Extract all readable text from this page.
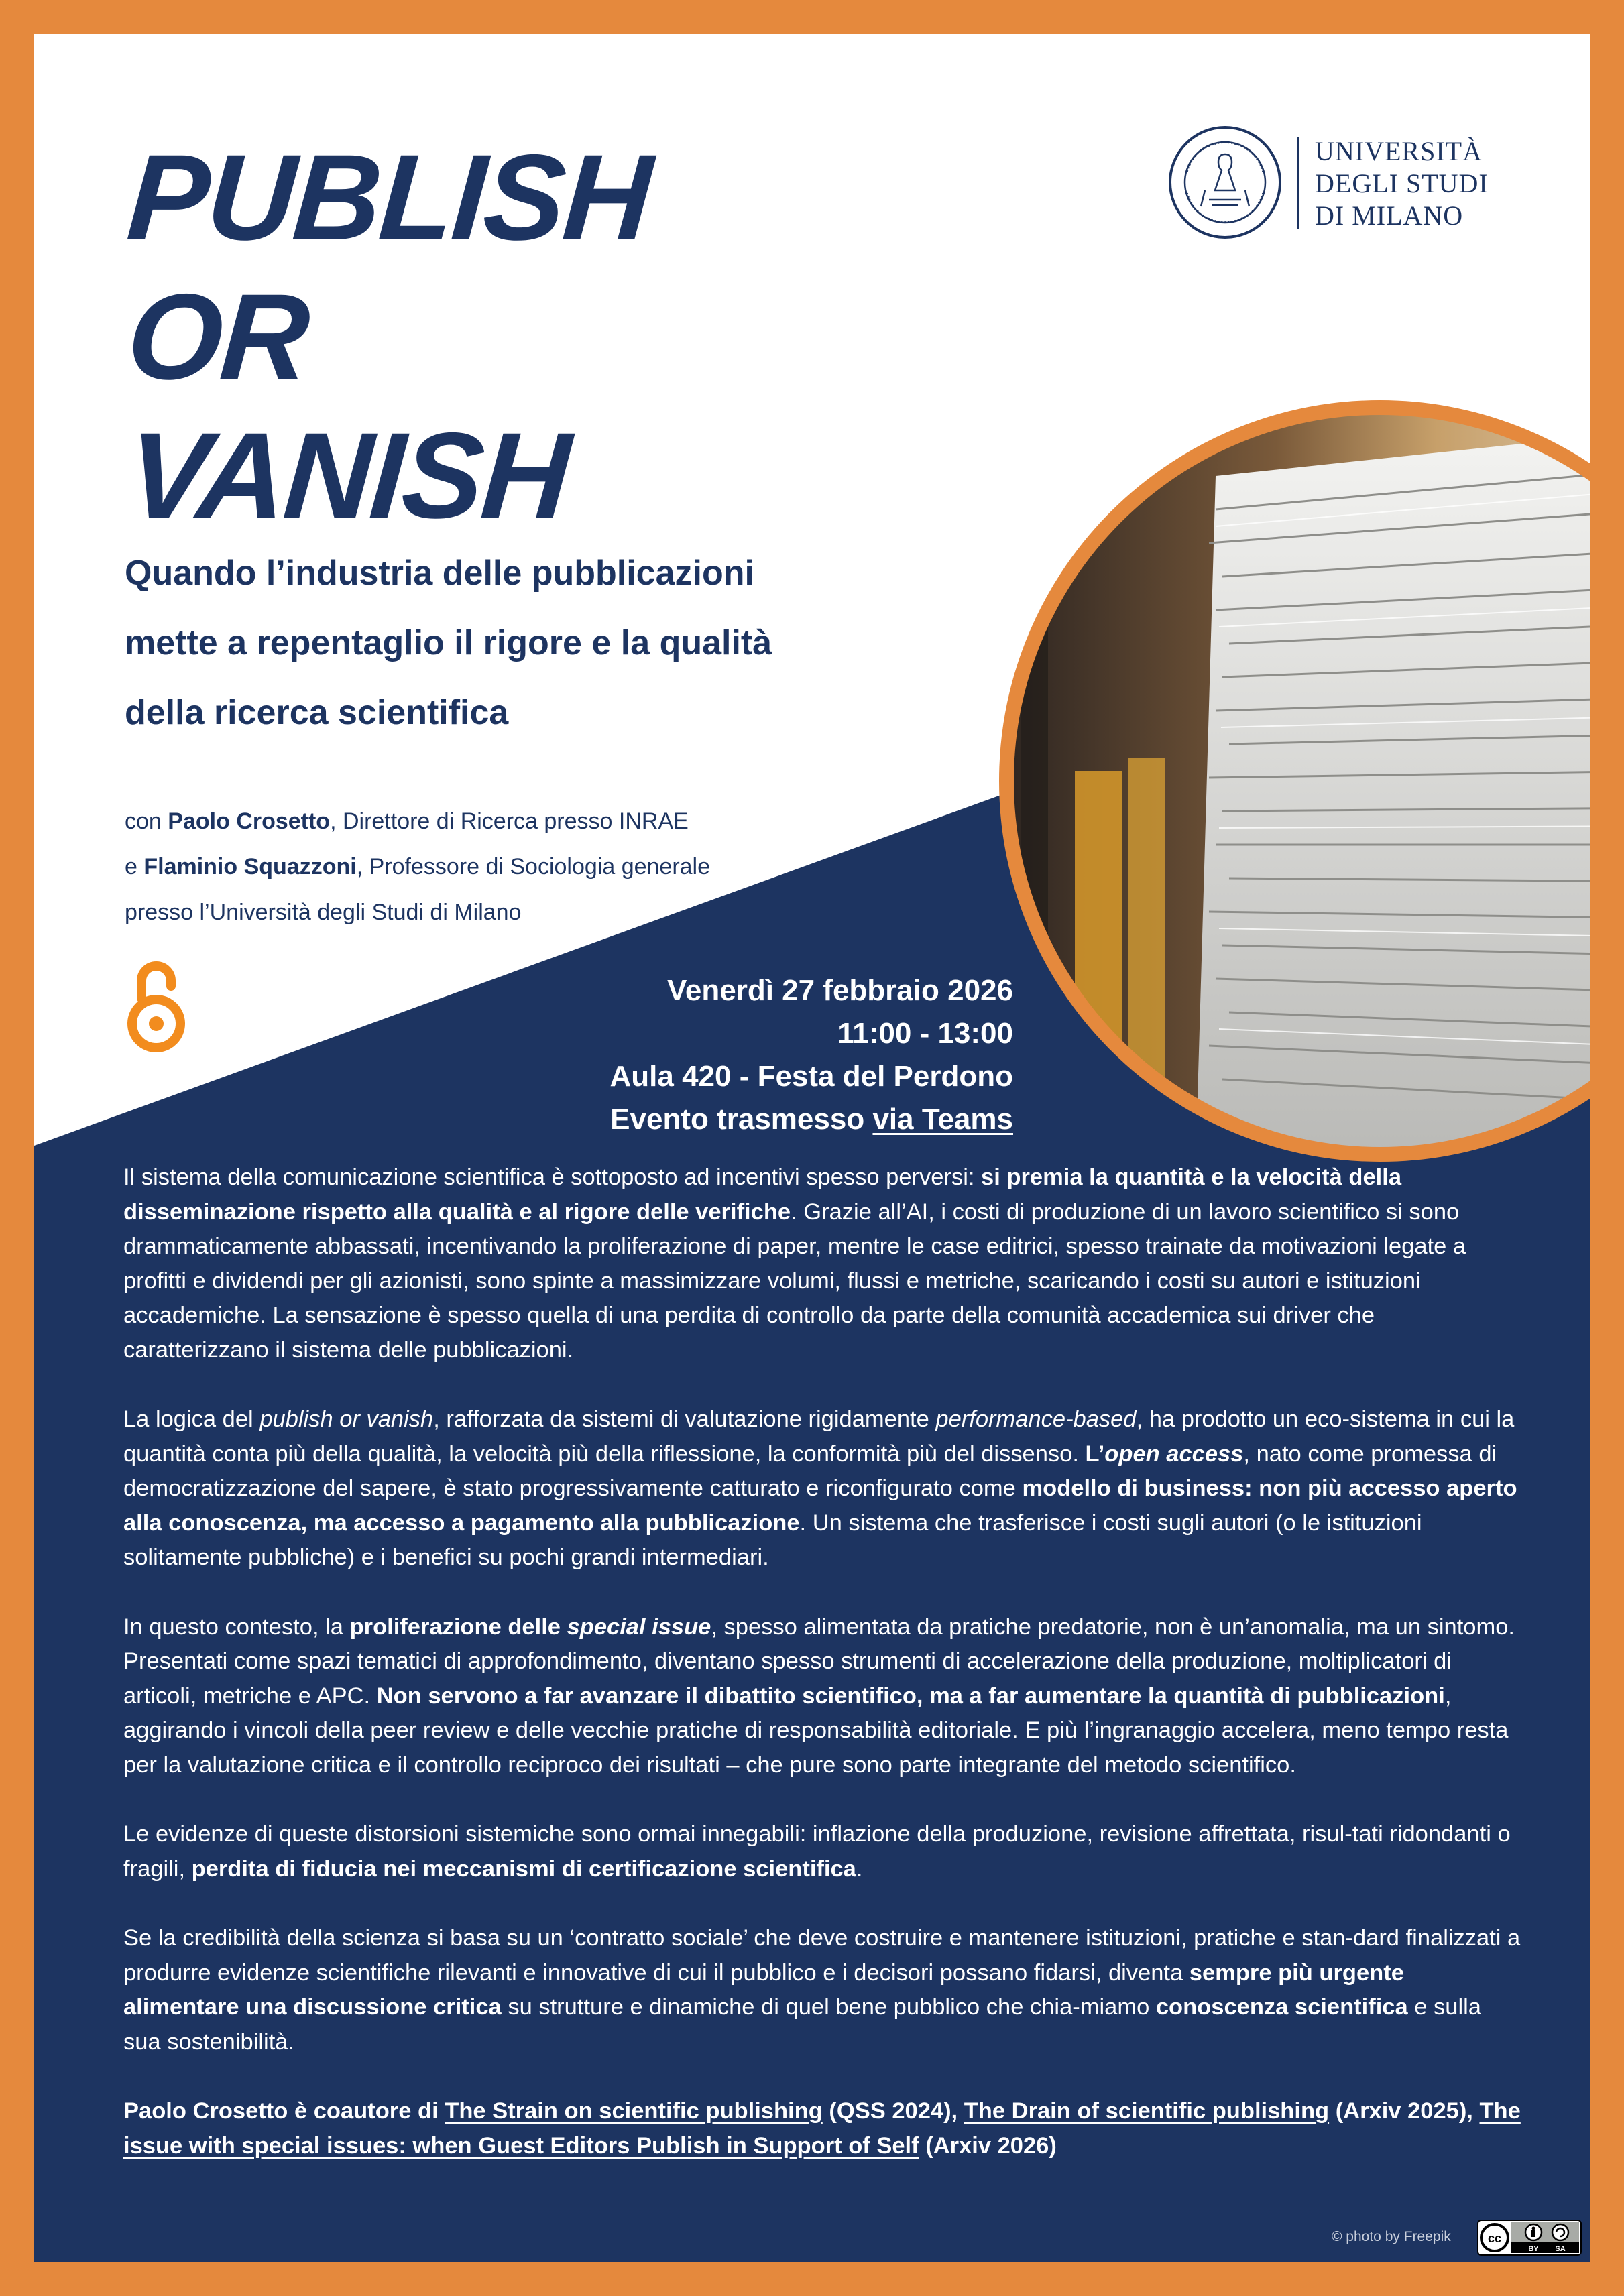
PUBLISH
OR
VANISH
UNIVERSITÀ
DEGLI STUDI
DI MILANO
Quando l’industria delle pubblicazioni
mette a repentaglio il rigore e la qualità
della ricerca scientifica
con Paolo Crosetto, Direttore di Ricerca presso INRAE
e Flaminio Squazzoni, Professore di Sociologia generale
presso l’Università degli Studi di Milano
Venerdì 27 febbraio 2026
11:00 - 13:00
Aula 420 - Festa del Perdono
Evento trasmesso via Teams

Il sistema della comunicazione scientifica è sottoposto ad incentivi spesso perversi: si premia la quantità e la velocità della disseminazione rispetto alla qualità e al rigore delle verifiche. Grazie all’AI, i costi di produzione di un lavoro scientifico si sono drammaticamente abbassati, incentivando la proliferazione di paper, mentre le case editrici, spesso trainate da motivazioni legate a profitti e dividendi per gli azionisti, sono spinte a massimizzare volumi, flussi e metriche, scaricando i costi su autori e istituzioni accademiche. La sensazione è spesso quella di una perdita di controllo da parte della comunità accademica sui driver che caratterizzano il sistema delle pubblicazioni.

La logica del publish or vanish, rafforzata da sistemi di valutazione rigidamente performance-based, ha prodotto un eco-sistema in cui la quantità conta più della qualità, la velocità più della riflessione, la conformità più del dissenso. L’open access, nato come promessa di democratizzazione del sapere, è stato progressivamente catturato e riconfigurato come modello di business: non più accesso aperto alla conoscenza, ma accesso a pagamento alla pubblicazione. Un sistema che trasferisce i costi sugli autori (o le istituzioni solitamente pubbliche) e i benefici su pochi grandi intermediari.

In questo contesto, la proliferazione delle special issue, spesso alimentata da pratiche predatorie, non è un’anomalia, ma un sintomo. Presentati come spazi tematici di approfondimento, diventano spesso strumenti di accelerazione della produzione, moltiplicatori di articoli, metriche e APC. Non servono a far avanzare il dibattito scientifico, ma a far aumentare la quantità di pubblicazioni, aggirando i vincoli della peer review e delle vecchie pratiche di responsabilità editoriale. E più l’ingranaggio accelera, meno tempo resta per la valutazione critica e il controllo reciproco dei risultati – che pure sono parte integrante del metodo scientifico.

Le evidenze di queste distorsioni sistemiche sono ormai innegabili: inflazione della produzione, revisione affrettata, risul-tati ridondanti o fragili, perdita di fiducia nei meccanismi di certificazione scientifica.

Se la credibilità della scienza si basa su un ‘contratto sociale’ che deve costruire e mantenere istituzioni, pratiche e stan-dard finalizzati a produrre evidenze scientifiche rilevanti e innovative di cui il pubblico e i decisori possano fidarsi, diventa sempre più urgente alimentare una discussione critica su strutture e dinamiche di quel bene pubblico che chia-miamo conoscenza scientifica e sulla sua sostenibilità.

Paolo Crosetto è coautore di The Strain on scientific publishing (QSS 2024), The Drain of scientific publishing (Arxiv 2025), The issue with special issues: when Guest Editors Publish in Support of Self (Arxiv 2026)

© photo by Freepik	cc
BY SA
